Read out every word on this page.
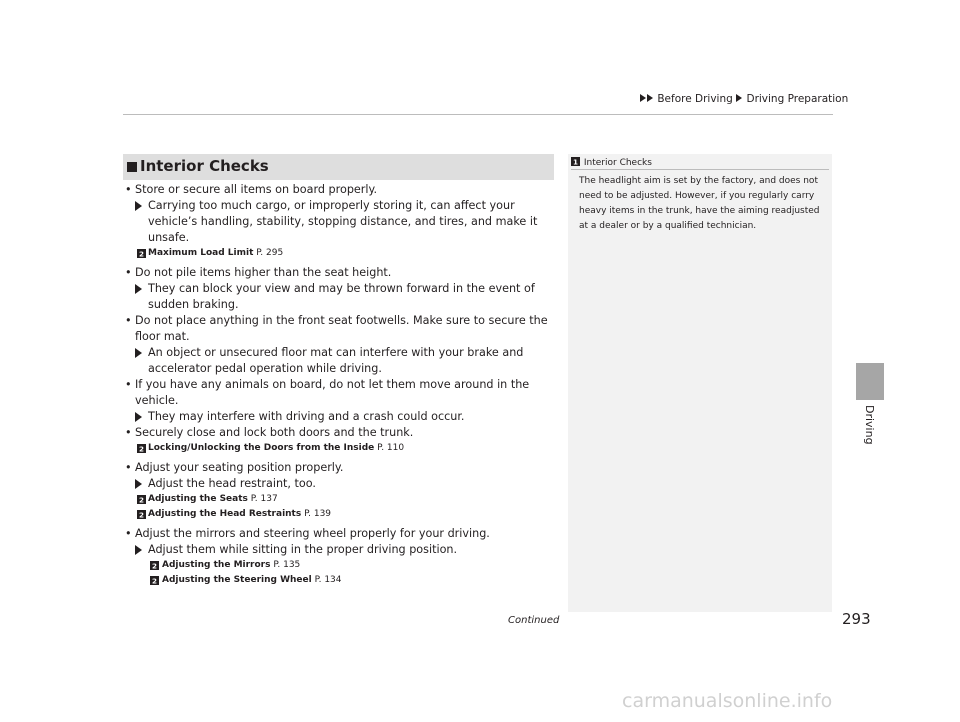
Before Driving Driving Preparation
Driving
Interior Checks
• Store or secure all items on board properly.
Carrying too much cargo, or improperly storing it, can affect your vehicle’s handling, stability, stopping distance, and tires, and make it unsafe.
2 Maximum Load Limit P. 295
• Do not pile items higher than the seat height.
They can block your view and may be thrown forward in the event of sudden braking.
• Do not place anything in the front seat footwells. Make sure to secure the floor mat.
An object or unsecured floor mat can interfere with your brake and accelerator pedal operation while driving.
• If you have any animals on board, do not let them move around in the vehicle.
They may interfere with driving and a crash could occur.
• Securely close and lock both doors and the trunk.
2 Locking/Unlocking the Doors from the Inside P. 110
• Adjust your seating position properly.
Adjust the head restraint, too.
2 Adjusting the Seats P. 137
2 Adjusting the Head Restraints P. 139
• Adjust the mirrors and steering wheel properly for your driving.
Adjust them while sitting in the proper driving position.
2 Adjusting the Mirrors P. 135
2 Adjusting the Steering Wheel P. 134
1 Interior Checks
The headlight aim is set by the factory, and does not need to be adjusted. However, if you regularly carry heavy items in the trunk, have the aiming readjusted at a dealer or by a qualified technician.
Continued	293
carmanualsonline.info
